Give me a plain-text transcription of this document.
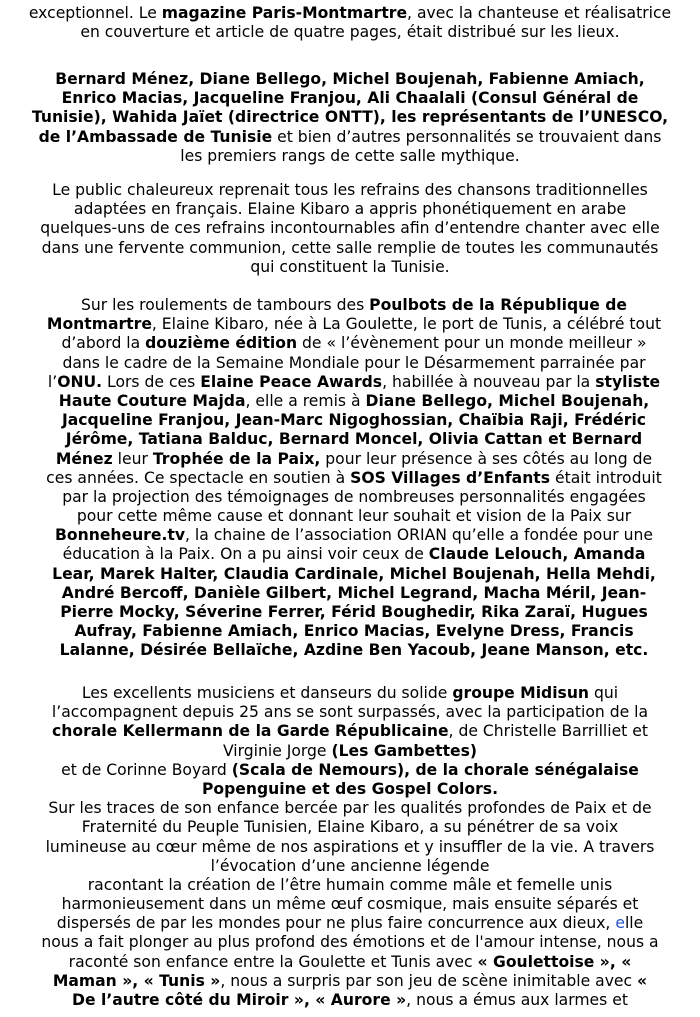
exceptionnel. Le magazine Paris-Montmartre, avec la chanteuse et réalisatrice
en couverture et article de quatre pages, était distribué sur les lieux.
Bernard Ménez, Diane Bellego, Michel Boujenah, Fabienne Amiach,
Enrico Macias, Jacqueline Franjou, Ali Chaalali (Consul Général de
Tunisie), Wahida Jaïet (directrice ONTT), les représentants de l’UNESCO,
de l’Ambassade de Tunisie et bien d’autres personnalités se trouvaient dans
les premiers rangs de cette salle mythique.
Le public chaleureux reprenait tous les refrains des chansons traditionnelles
adaptées en français. Elaine Kibaro a appris phonétiquement en arabe
quelques-uns de ces refrains incontournables afin d’entendre chanter avec elle
dans une fervente communion, cette salle remplie de toutes les communautés
qui constituent la Tunisie.
Sur les roulements de tambours des Poulbots de la République de
Montmartre, Elaine Kibaro, née à La Goulette, le port de Tunis, a célébré tout
d’abord la douzième édition de « l’évènement pour un monde meilleur »
dans le cadre de la Semaine Mondiale pour le Désarmement parrainée par
l’ONU. Lors de ces Elaine Peace Awards, habillée à nouveau par la styliste
Haute Couture Majda, elle a remis à Diane Bellego, Michel Boujenah,
Jacqueline Franjou, Jean-Marc Nigoghossian, Chaïbia Raji, Frédéric
Jérôme, Tatiana Balduc, Bernard Moncel, Olivia Cattan et Bernard
Ménez leur Trophée de la Paix, pour leur présence à ses côtés au long de
ces années. Ce spectacle en soutien à SOS Villages d’Enfants était introduit
par la projection des témoignages de nombreuses personnalités engagées
pour cette même cause et donnant leur souhait et vision de la Paix sur
Bonneheure.tv, la chaine de l’association ORIAN qu’elle a fondée pour une
éducation à la Paix. On a pu ainsi voir ceux de Claude Lelouch, Amanda
Lear, Marek Halter, Claudia Cardinale, Michel Boujenah, Hella Mehdi,
André Bercoff, Danièle Gilbert, Michel Legrand, Macha Méril, Jean-
Pierre Mocky, Séverine Ferrer, Férid Boughedir, Rika Zaraï, Hugues
Aufray, Fabienne Amiach, Enrico Macias, Evelyne Dress, Francis
Lalanne, Désirée Bellaïche, Azdine Ben Yacoub, Jeane Manson, etc.
Les excellents musiciens et danseurs du solide groupe Midisun qui
l’accompagnent depuis 25 ans se sont surpassés, avec la participation de la
chorale Kellermann de la Garde Républicaine, de Christelle Barrilliet et
Virginie Jorge (Les Gambettes)
et de Corinne Boyard (Scala de Nemours), de la chorale sénégalaise
Popenguine et des Gospel Colors.
Sur les traces de son enfance bercée par les qualités profondes de Paix et de
Fraternité du Peuple Tunisien, Elaine Kibaro, a su pénétrer de sa voix
lumineuse au cœur même de nos aspirations et y insuffler de la vie. A travers
l’évocation d’une ancienne légende
racontant la création de l’être humain comme mâle et femelle unis
harmonieusement dans un même œuf cosmique, mais ensuite séparés et
dispersés de par les mondes pour ne plus faire concurrence aux dieux, elle
nous a fait plonger au plus profond des émotions et de l'amour intense, nous a
raconté son enfance entre la Goulette et Tunis avec « Goulettoise », «
Maman », « Tunis », nous a surpris par son jeu de scène inimitable avec «
De l’autre côté du Miroir », « Aurore », nous a émus aux larmes et
